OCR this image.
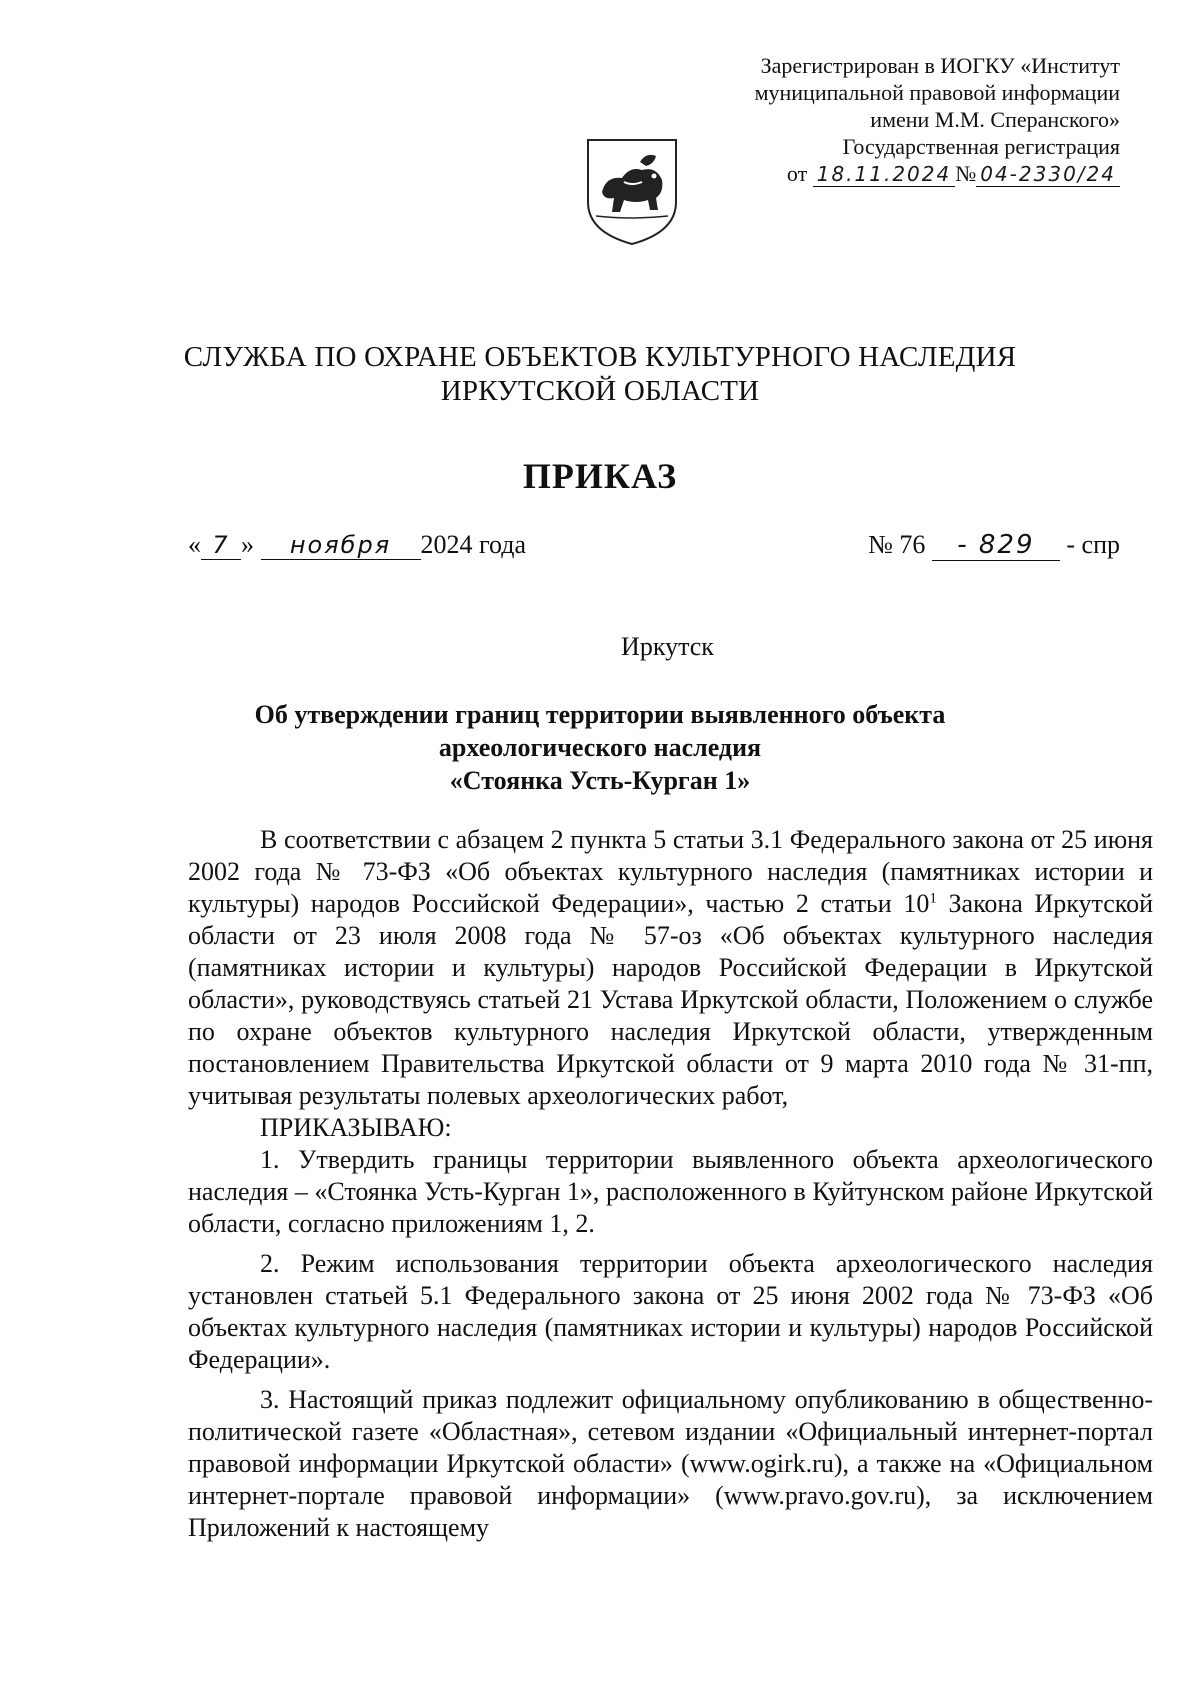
Зарегистрирован в ИОГКУ «Институт
муниципальной правовой информации
имени М.М. Сперанского»
Государственная регистрация
от 18.11.2024 № 04-2330/24
СЛУЖБА ПО ОХРАНЕ ОБЪЕКТОВ КУЛЬТУРНОГО НАСЛЕДИЯ
ИРКУТСКОЙ ОБЛАСТИ
ПРИКАЗ
« 7 » ноября 2024 года	№ 76 - 829 - спр
Иркутск
Об утверждении границ территории выявленного объекта
археологического наследия
«Стоянка Усть-Курган 1»

В соответствии с абзацем 2 пункта 5 статьи 3.1 Федерального закона от 25 июня 2002 года № 73-ФЗ «Об объектах культурного наследия (памятниках истории и культуры) народов Российской Федерации», частью 2 статьи $10^1$ Закона Иркутской области от 23 июля 2008 года № 57-оз «Об объектах культурного наследия (памятниках истории и культуры) народов Российской Федерации в Иркутской области», руководствуясь статьей 21 Устава Иркутской области, Положением о службе по охране объектов культурного наследия Иркутской области, утвержденным постановлением Правительства Иркутской области от 9 марта 2010 года № 31-пп, учитывая результаты полевых археологических работ,

ПРИКАЗЫВАЮ:

1. Утвердить границы территории выявленного объекта археологического наследия – «Стоянка Усть-Курган 1», расположенного в Куйтунском районе Иркутской области, согласно приложениям 1, 2.

2. Режим использования территории объекта археологического наследия установлен статьей 5.1 Федерального закона от 25 июня 2002 года № 73-ФЗ «Об объектах культурного наследия (памятниках истории и культуры) народов Российской Федерации».

3. Настоящий приказ подлежит официальному опубликованию в общественно-политической газете «Областная», сетевом издании «Официальный интернет-портал правовой информации Иркутской области» (www.ogirk.ru), а также на «Официальном интернет-портале правовой информации» (www.pravo.gov.ru), за исключением Приложений к настоящему
